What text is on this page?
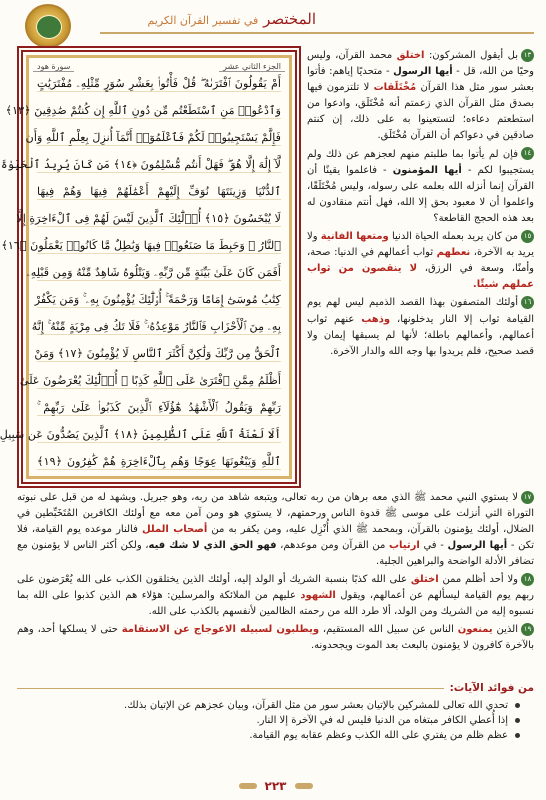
المختصر في تفسير القرآن الكريم
الجزء الثاني عشر
سورة هود
أَمْ يَقُولُونَ ٱفْتَرَىٰهُ ۖ قُلْ فَأْتُوا۟ بِعَشْرِ سُوَرٍ مِّثْلِهِۦ مُفْتَرَيَٰتٍ
وَٱدْعُوا۟ مَنِ ٱسْتَطَعْتُم مِّن دُونِ ٱللَّهِ إِن كُنتُمْ صَٰدِقِينَ ﴿١٣﴾
فَإِلَّمْ يَسْتَجِيبُوا۟ لَكُمْ فَٱعْلَمُوٓا۟ أَنَّمَآ أُنزِلَ بِعِلْمِ ٱللَّهِ وَأَن
لَّآ إِلَٰهَ إِلَّا هُوَ ۖ فَهَلْ أَنتُم مُّسْلِمُونَ ﴿١٤﴾ مَن كَانَ يُرِيدُ ٱلْحَيَوٰةَ
ٱلدُّنْيَا وَزِينَتَهَا نُوَفِّ إِلَيْهِمْ أَعْمَٰلَهُمْ فِيهَا وَهُمْ فِيهَا
لَا يُبْخَسُونَ ﴿١٥﴾ أُو۟لَٰٓئِكَ ٱلَّذِينَ لَيْسَ لَهُمْ فِى ٱلْءَاخِرَةِ إِلَّا
ٱلنَّارُ ۖ وَحَبِطَ مَا صَنَعُوا۟ فِيهَا وَبَٰطِلٌ مَّا كَانُوا۟ يَعْمَلُونَ ﴿١٦﴾
أَفَمَن كَانَ عَلَىٰ بَيِّنَةٍ مِّن رَّبِّهِۦ وَيَتْلُوهُ شَاهِدٌ مِّنْهُ وَمِن قَبْلِهِۦ
كِتَٰبُ مُوسَىٰٓ إِمَامًا وَرَحْمَةً ۚ أُو۟لَٰٓئِكَ يُؤْمِنُونَ بِهِۦ ۚ وَمَن يَكْفُرْ
بِهِۦ مِنَ ٱلْأَحْزَابِ فَٱلنَّارُ مَوْعِدُهُۥ ۚ فَلَا تَكُ فِى مِرْيَةٍ مِّنْهُ ۚ إِنَّهُ
ٱلْحَقُّ مِن رَّبِّكَ وَلَٰكِنَّ أَكْثَرَ ٱلنَّاسِ لَا يُؤْمِنُونَ ﴿١٧﴾ وَمَنْ
أَظْلَمُ مِمَّنِ ٱفْتَرَىٰ عَلَى ٱللَّهِ كَذِبًا ۚ أُو۟لَٰٓئِكَ يُعْرَضُونَ عَلَىٰ
رَبِّهِمْ وَيَقُولُ ٱلْأَشْهَٰدُ هَٰٓؤُلَآءِ ٱلَّذِينَ كَذَبُوا۟ عَلَىٰ رَبِّهِمْ ۚ
أَلَا لَعْنَةُ ٱللَّهِ عَلَى ٱلظَّٰلِمِينَ ﴿١٨﴾ ٱلَّذِينَ يَصُدُّونَ عَن سَبِيلِ
ٱللَّهِ وَيَبْغُونَهَا عِوَجًا وَهُم بِٱلْءَاخِرَةِ هُمْ كَٰفِرُونَ ﴿١٩﴾

١٣بل أيقول المشركون: اختلق محمد القرآن، وليس وحيًا من الله، قل - أيها الرسول - متحديًا إياهم: فأتوا بعشر سور مثل هذا القرآن مُخْتَلَقات لا تلتزمون فيها بصدق مثل القرآن الذي زعمتم أنه مُخْتَلَق، وادعوا من استطعتم دعاءه؛ لتستعينوا به على ذلك، إن كنتم صادقين في دعواكم أن القرآن مُخْتَلَق.

١٤فإن لم يأتوا بما طلبتم منهم لعجزهم عن ذلك ولم يستجيبوا لكم - أيها المؤمنون - فاعلموا يقينًا أن القرآن إنما أنزله الله بعلمه على رسوله، وليس مُخْتَلَقًا، واعلموا أن لا معبود بحق إلا الله، فهل أنتم منقادون له بعد هذه الحجج القاطعة؟

١٥من كان يريد بعمله الحياة الدنيا ومتعها الفانية ولا يريد به الآخرة، نعطهم ثواب أعمالهم في الدنيا: صحة، وأمنًا، وسعة في الرزق، لا ينقصون من ثواب عملهم شيئًا.

١٦أولئك المتصفون بهذا القصد الذميم ليس لهم يوم القيامة ثواب إلا النار يدخلونها، وذهب عنهم ثواب أعمالهم، وأعمالهم باطلة؛ لأنها لم يسبقها إيمان ولا قصد صحيح، فلم يريدوا بها وجه الله والدار الآخرة.

١٧لا يستوي النبي محمد ﷺ الذي معه برهان من ربه تعالى، ويتبعه شاهد من ربه، وهو جبريل. ويشهد له من قبل على نبوته التوراة التي أنزلت على موسى ﷺ قدوة الناس ورحمتهم، لا يستوي هو ومن آمن معه مع أولئك الكافرين المُتَخَبِّطين في الضلال، أولئك يؤمنون بالقرآن، وبمحمد ﷺ الذي أُنْزِل عليه، ومن يكفر به من أصحاب الملل فالنار موعده يوم القيامة، فلا تكن - أيها الرسول - في ارتياب من القرآن ومن موعدهم، فهو الحق الذي لا شك فيه، ولكن أكثر الناس لا يؤمنون مع تضافر الأدلة الواضحة والبراهين الجلية.

١٨ولا أحد أظلم ممن اختلق على الله كذبًا بنسبة الشريك أو الولد إليه، أولئك الذين يختلقون الكذب على الله يُعْرَضون على ربهم يوم القيامة ليسألهم عن أعمالهم، ويقول الشهود عليهم من الملائكة والمرسلين: هؤلاء هم الذين كذبوا على الله بما نسبوه إليه من الشريك ومن الولد، ألا طرد الله من رحمته الظالمين لأنفسهم بالكذب على الله.

١٩الذين يمنعون الناس عن سبيل الله المستقيم، ويطلبون لسبيله الاعوجاج عن الاستقامة حتى لا يسلكها أحد، وهم بالآخرة كافرون لا يؤمنون بالبعث بعد الموت ويجحدونه.

من فوائد الآيات:
تحدي الله تعالى للمشركين بالإتيان بعشر سور من مثل القرآن، وبيان عجزهم عن الإتيان بذلك.
إذا أُعطي الكافر مبتغاه من الدنيا فليس له في الآخرة إلا النار.
عظم ظلم من يفتري على الله الكذب وعظم عقابه يوم القيامة.
٢٢٣
